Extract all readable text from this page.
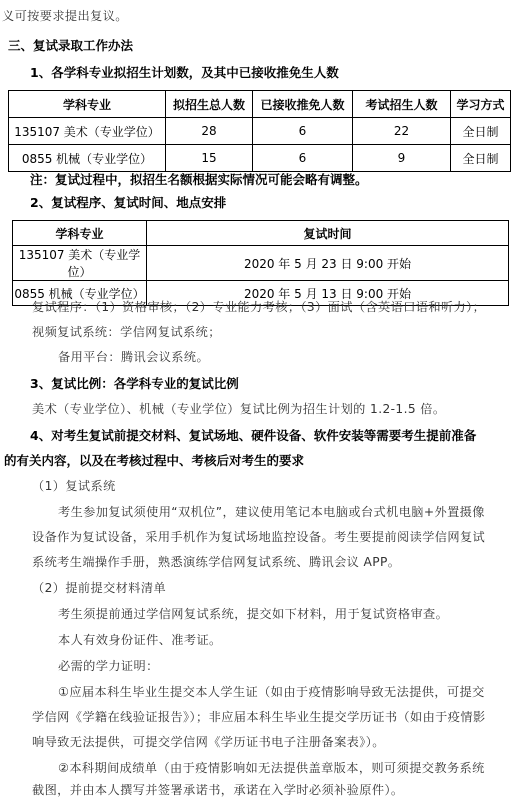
义可按要求提出复议。
三、复试录取工作办法
1、各学科专业拟招生计划数，及其中已接收推免生人数
学科专业	拟招生总人数	已接收推免人数	考试招生人数	学习方式
135107 美术（专业学位）	28	6	22	全日制
0855 机械（专业学位）	15	6	9	全日制
注：复试过程中，拟招生名额根据实际情况可能会略有调整。
2、复试程序、复试时间、地点安排
学科专业	复试时间
135107 美术（专业学位）	2020 年 5 月 23 日 9:00 开始
0855 机械（专业学位）	2020 年 5 月 13 日 9:00 开始
复试程序：（1）资格审核；（2）专业能力考核；（3）面试（含英语口语和听力）；
视频复试系统：学信网复试系统；
备用平台：腾讯会议系统。
3、复试比例：各学科专业的复试比例
美术（专业学位）、机械（专业学位）复试比例为招生计划的 1.2-1.5 倍。
4、对考生复试前提交材料、复试场地、硬件设备、软件安装等需要考生提前准备
的有关内容，以及在考核过程中、考核后对考生的要求
（1）复试系统
考生参加复试须使用“双机位”，建议使用笔记本电脑或台式机电脑+外置摄像
设备作为复试设备，采用手机作为复试场地监控设备。考生要提前阅读学信网复试
系统考生端操作手册，熟悉演练学信网复试系统、腾讯会议 APP。
（2）提前提交材料清单
考生须提前通过学信网复试系统，提交如下材料，用于复试资格审查。
本人有效身份证件、准考证。
必需的学力证明：
①应届本科生毕业生提交本人学生证（如由于疫情影响导致无法提供，可提交
学信网《学籍在线验证报告》）；非应届本科生毕业生提交学历证书（如由于疫情影
响导致无法提供，可提交学信网《学历证书电子注册备案表》）。
②本科期间成绩单（由于疫情影响如无法提供盖章版本，则可须提交教务系统
截图，并由本人撰写并签署承诺书，承诺在入学时必须补验原件）。
